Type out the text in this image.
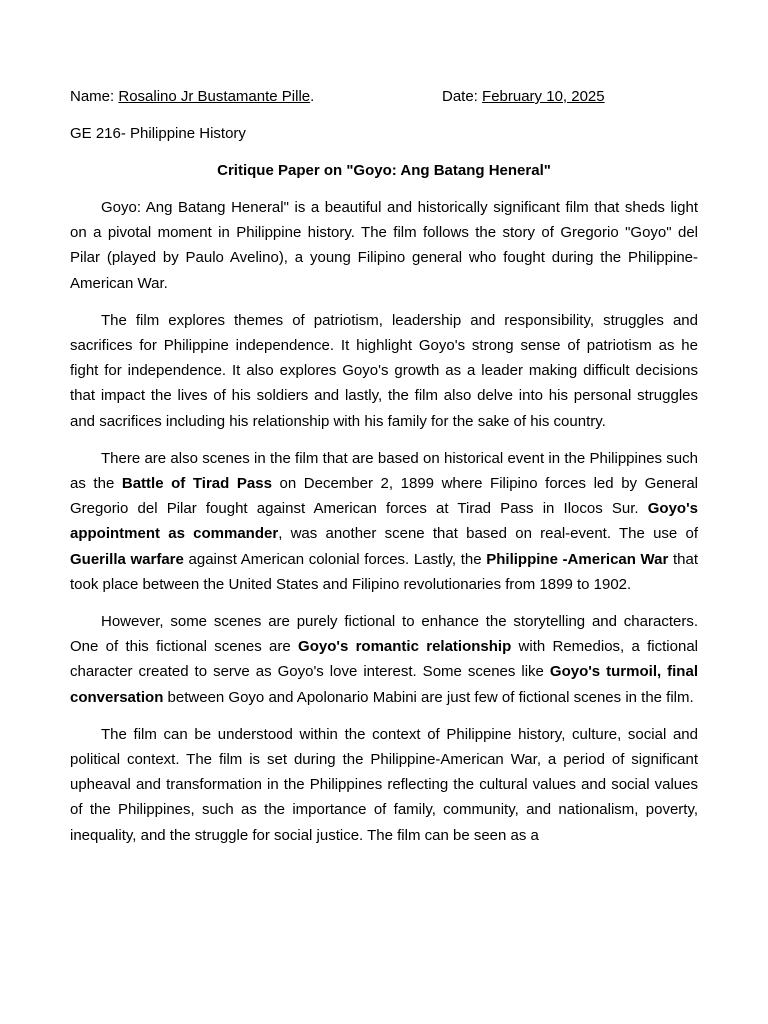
Name: Rosalino Jr Bustamante Pille.	Date: February 10, 2025
GE 216- Philippine History
Critique Paper on "Goyo: Ang Batang Heneral"

Goyo: Ang Batang Heneral" is a beautiful and historically significant film that sheds light on a pivotal moment in Philippine history. The film follows the story of Gregorio "Goyo" del Pilar (played by Paulo Avelino), a young Filipino general who fought during the Philippine-American War.

The film explores themes of patriotism, leadership and responsibility, struggles and sacrifices for Philippine independence. It highlight Goyo's strong sense of patriotism as he fight for independence. It also explores Goyo's growth as a leader making difficult decisions that impact the lives of his soldiers and lastly, the film also delve into his personal struggles and sacrifices including his relationship with his family for the sake of his country.

There are also scenes in the film that are based on historical event in the Philippines such as the Battle of Tirad Pass on December 2, 1899 where Filipino forces led by General Gregorio del Pilar fought against American forces at Tirad Pass in Ilocos Sur. Goyo's appointment as commander, was another scene that based on real-event. The use of Guerilla warfare against American colonial forces. Lastly, the Philippine -American War that took place between the United States and Filipino revolutionaries from 1899 to 1902.

However, some scenes are purely fictional to enhance the storytelling and characters. One of this fictional scenes are Goyo's romantic relationship with Remedios, a fictional character created to serve as Goyo's love interest. Some scenes like Goyo's turmoil, final conversation between Goyo and Apolonario Mabini are just few of fictional scenes in the film.

The film can be understood within the context of Philippine history, culture, social and political context. The film is set during the Philippine-American War, a period of significant upheaval and transformation in the Philippines reflecting the cultural values and social values of the Philippines, such as the importance of family, community, and nationalism, poverty, inequality, and the struggle for social justice. The film can be seen as a
